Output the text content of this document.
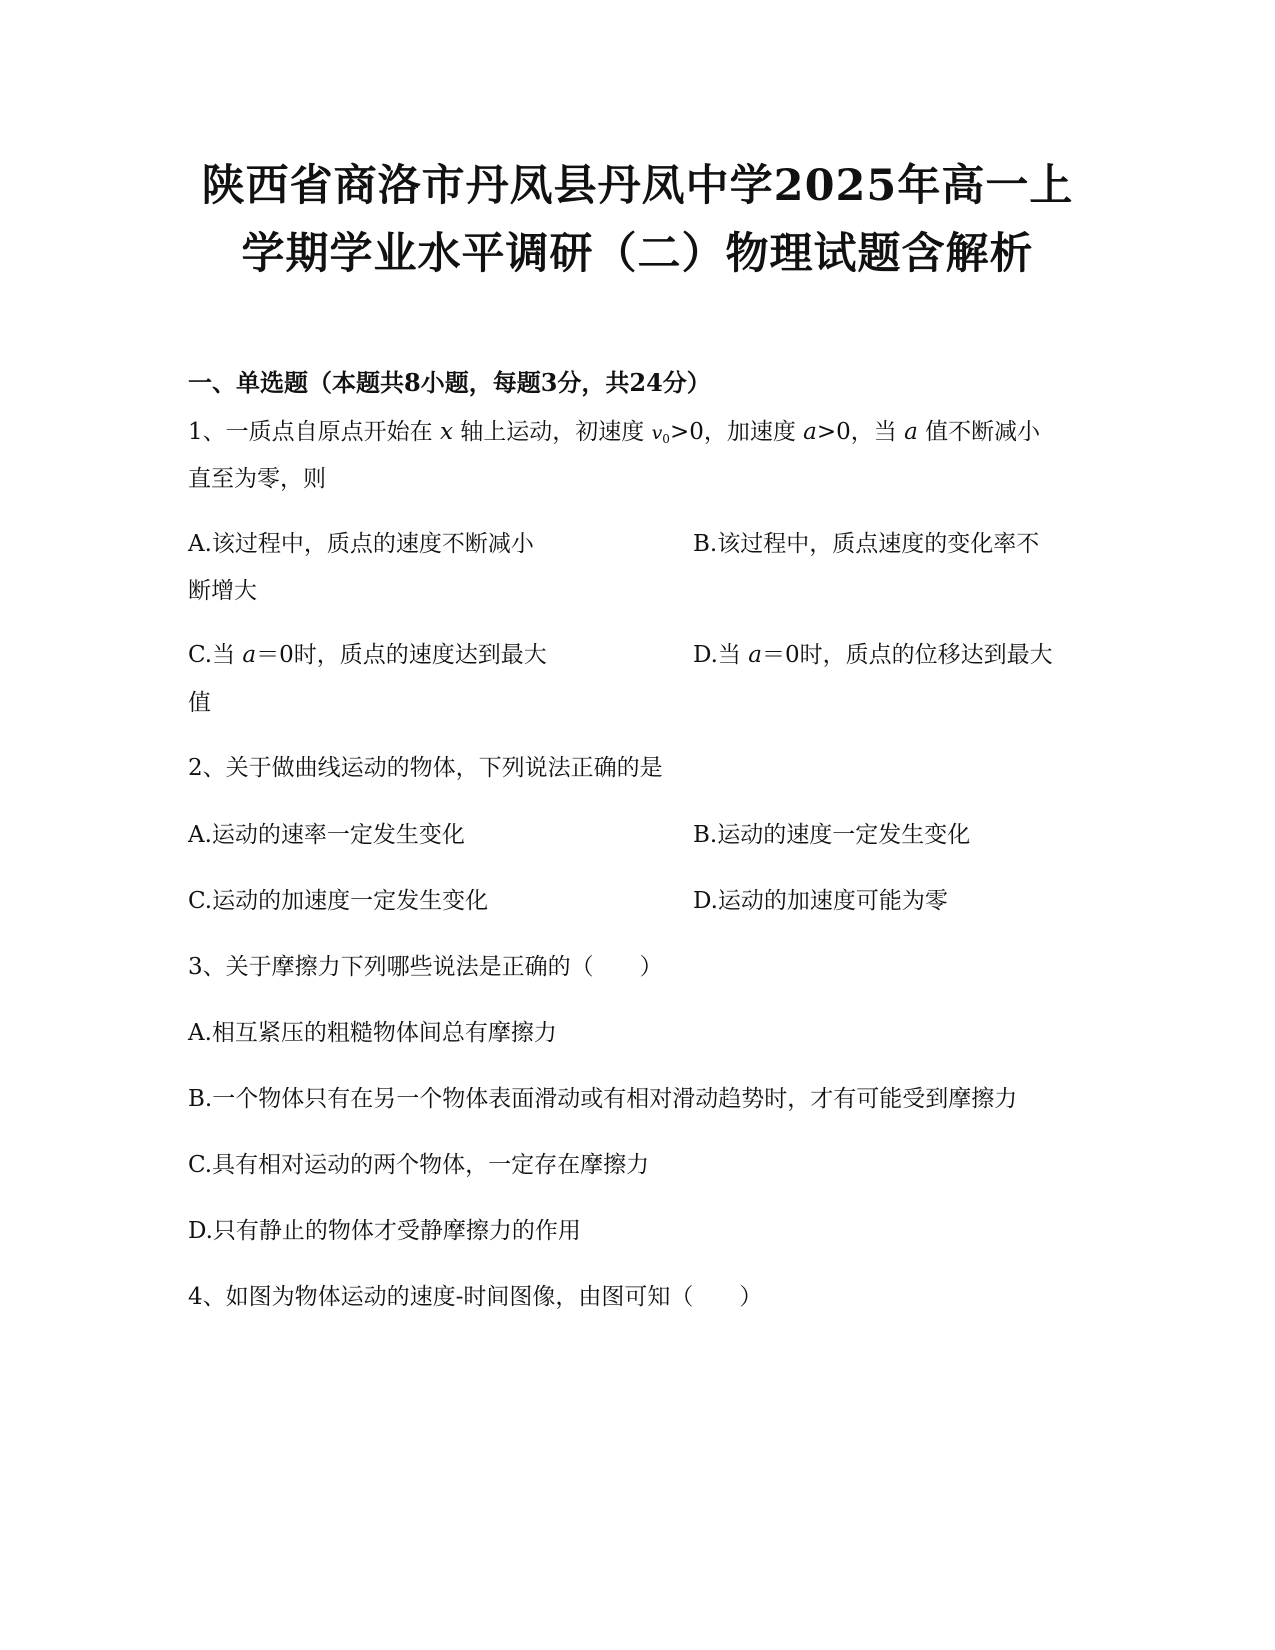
陕西省商洛市丹凤县丹凤中学2025年高一上
学期学业水平调研（二）物理试题含解析
一、单选题（本题共8小题，每题3分，共24分）
1、一质点自原点开始在 x 轴上运动，初速度 $v_0>0$，加速度 a>0，当 a 值不断减小
直至为零，则
A.该过程中，质点的速度不断减小	B.该过程中，质点速度的变化率不
断增大
C.当 a＝0时，质点的速度达到最大	D.当 a＝0时，质点的位移达到最大
值
2、关于做曲线运动的物体，下列说法正确的是
A.运动的速率一定发生变化	B.运动的速度一定发生变化
C.运动的加速度一定发生变化	D.运动的加速度可能为零
3、关于摩擦力下列哪些说法是正确的（　　）
A.相互紧压的粗糙物体间总有摩擦力
B.一个物体只有在另一个物体表面滑动或有相对滑动趋势时，才有可能受到摩擦力
C.具有相对运动的两个物体，一定存在摩擦力
D.只有静止的物体才受静摩擦力的作用
4、如图为物体运动的速度-时间图像，由图可知（　　）
